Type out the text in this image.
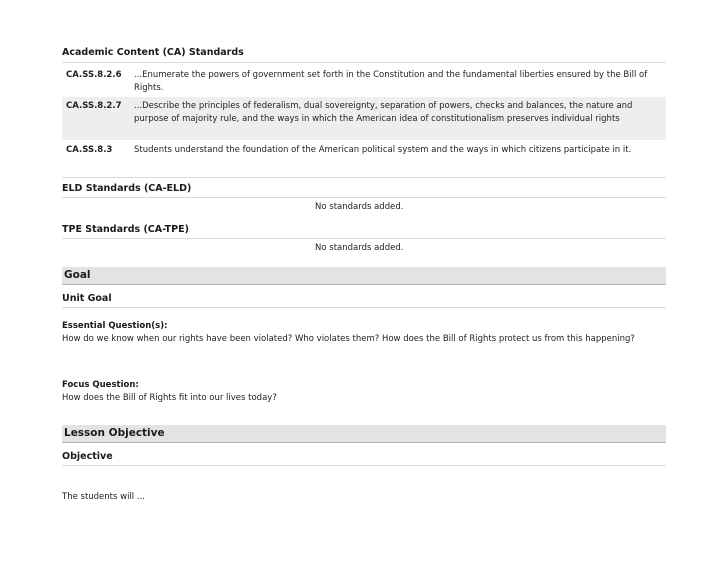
Academic Content (CA) Standards
CA.SS.8.2.6 ...Enumerate the powers of government set forth in the Constitution and the fundamental liberties ensured by the Bill of Rights.
CA.SS.8.2.7 ...Describe the principles of federalism, dual sovereignty, separation of powers, checks and balances, the nature and purpose of majority rule, and the ways in which the American idea of constitutionalism preserves individual rights
CA.SS.8.3	Students understand the foundation of the American political system and the ways in which citizens participate in it.
ELD Standards (CA-ELD)
No standards added.
TPE Standards (CA-TPE)
No standards added.
Goal
Unit Goal
Essential Question(s):
How do we know when our rights have been violated? Who violates them? How does the Bill of Rights protect us from this happening?
Focus Question:
How does the Bill of Rights fit into our lives today?
Lesson Objective
Objective
The students will ...
